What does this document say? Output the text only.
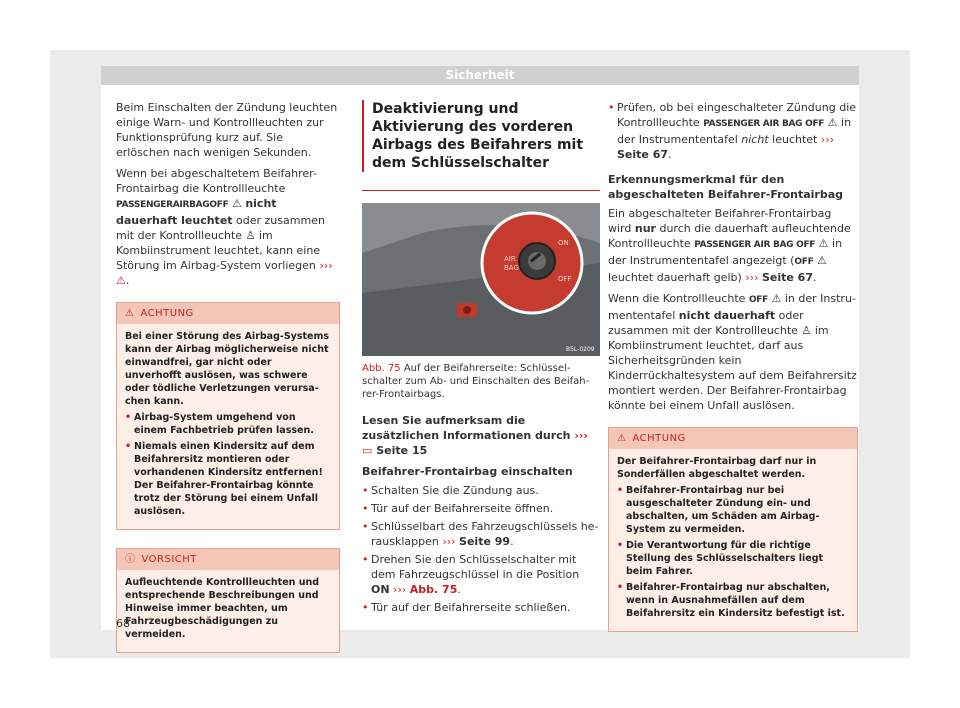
Sicherheit

Beim Einschalten der Zündung leuchten einige Warn- und Kontrollleuchten zur Funktionsprüfung kurz auf. Sie erlöschen nach wenigen Sekunden.

Wenn bei abgeschaltetem Beifahrer-Frontairbag die Kontrollleuchte PASSENGERAIRBAGOFF ⚠ nicht dauerhaft leuchtet oder zusammen mit der Kontrollleuchte ♙ im Kombiinstrument leuchtet, kann eine Störung im Airbag-System vorliegen ››› ⚠.

⚠ ACHTUNG

Bei einer Störung des Airbag-Systems kann der Airbag möglicherweise nicht einwandfrei, gar nicht oder unverhofft auslösen, was schwere oder tödliche Verletzungen verursachen kann.

• Airbag-System umgehend von einem Fachbetrieb prüfen lassen.
• Niemals einen Kindersitz auf dem Beifahrersitz montieren oder vorhandenen Kindersitz entfernen! Der Beifahrer-Frontairbag könnte trotz der Störung bei einem Unfall auslösen.
ⓘ VORSICHT

Aufleuchtende Kontrollleuchten und entsprechende Beschreibungen und Hinweise immer beachten, um Fahrzeugbeschädigungen zu vermeiden.

Deaktivierung und Aktivierung des vorderen Airbags des Beifahrers mit dem Schlüsselschalter
AIR
BAG
ON
OFF
B5L-0209
Abb. 75 Auf der Beifahrerseite: Schlüsselschalter zum Ab- und Einschalten des Beifahrer-Frontairbags.

Lesen Sie aufmerksam die zusätzlichen Informationen durch ››› ▭ Seite 15

Beifahrer-Frontairbag einschalten

• Schalten Sie die Zündung aus.
• Tür auf der Beifahrerseite öffnen.
• Schlüsselbart des Fahrzeugschlüssels herausklappen ››› Seite 99.
• Drehen Sie den Schlüsselschalter mit dem Fahrzeugschlüssel in die Position ON ››› Abb. 75.
• Tür auf der Beifahrerseite schließen.
• Prüfen, ob bei eingeschalteter Zündung die Kontrollleuchte PASSENGER AIR BAG OFF ⚠ in der Instrumententafel nicht leuchtet ››› Seite 67.

Erkennungsmerkmal für den abgeschalteten Beifahrer-Frontairbag

Ein abgeschalteter Beifahrer-Frontairbag wird nur durch die dauerhaft aufleuchtende Kontrollleuchte PASSENGER AIR BAG OFF ⚠ in der Instrumententafel angezeigt (OFF ⚠ leuchtet dauerhaft gelb) ››› Seite 67.

Wenn die Kontrollleuchte OFF ⚠ in der Instrumententafel nicht dauerhaft oder zusammen mit der Kontrollleuchte ♙ im Kombiinstrument leuchtet, darf aus Sicherheitsgründen kein Kinderrückhaltesystem auf dem Beifahrersitz montiert werden. Der Beifahrer-Frontairbag könnte bei einem Unfall auslösen.

⚠ ACHTUNG

Der Beifahrer-Frontairbag darf nur in Sonderfällen abgeschaltet werden.

• Beifahrer-Frontairbag nur bei ausgeschalteter Zündung ein- und abschalten, um Schäden am Airbag-System zu vermeiden.
• Die Verantwortung für die richtige Stellung des Schlüsselschalters liegt beim Fahrer.
• Beifahrer-Frontairbag nur abschalten, wenn in Ausnahmefällen auf dem Beifahrersitz ein Kindersitz befestigt ist.
68
